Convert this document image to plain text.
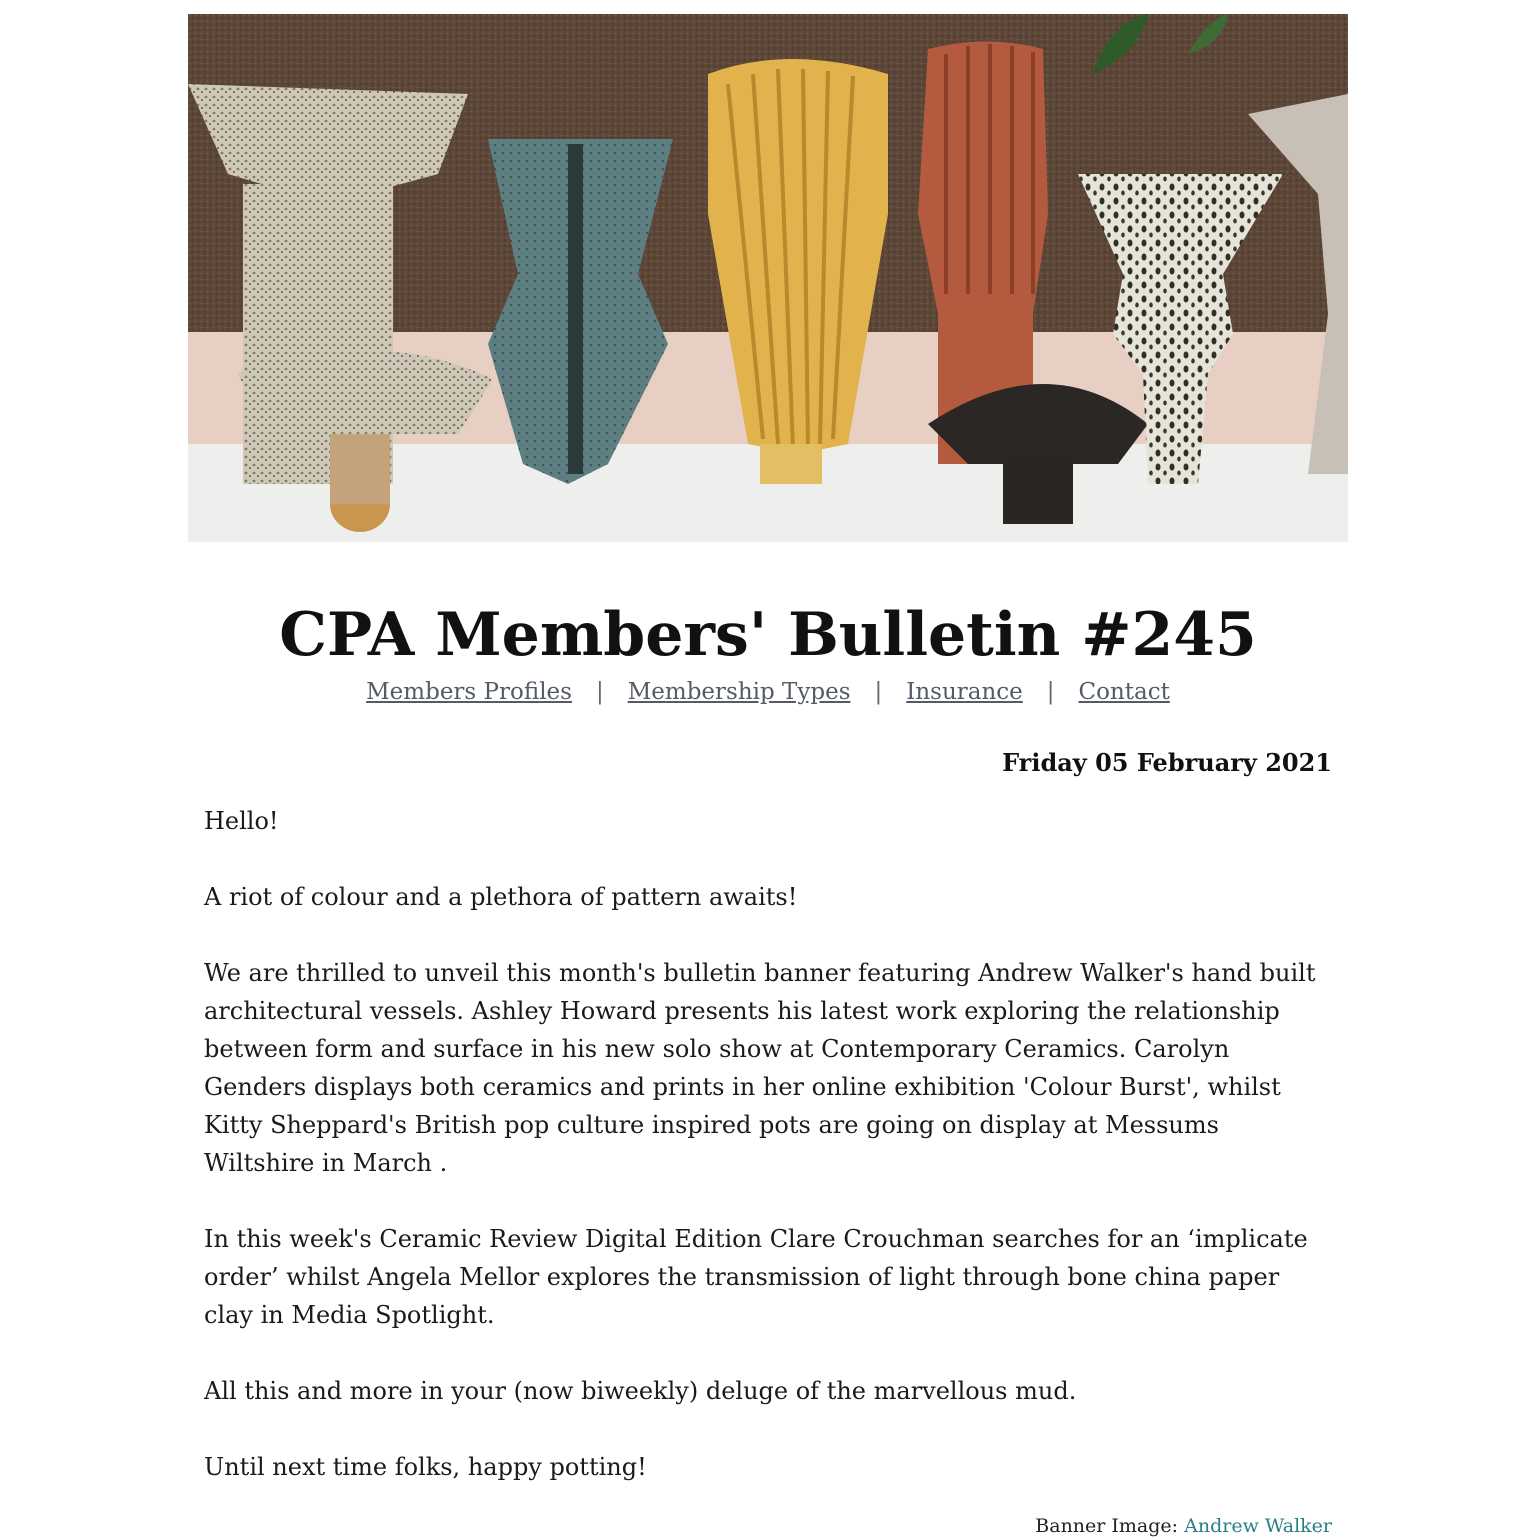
CPA Members' Bulletin #245
Members Profiles | Membership Types | Insurance | Contact
Friday 05 February 2021

Hello!

A riot of colour and a plethora of pattern awaits!

We are thrilled to unveil this month's bulletin banner featuring Andrew Walker's hand built architectural vessels. Ashley Howard presents his latest work exploring the relationship between form and surface in his new solo show at Contemporary Ceramics. Carolyn Genders displays both ceramics and prints in her online exhibition 'Colour Burst', whilst Kitty Sheppard's British pop culture inspired pots are going on display at Messums Wiltshire in March .

In this week's Ceramic Review Digital Edition Clare Crouchman searches for an ‘implicate order’ whilst Angela Mellor explores the transmission of light through bone china paper clay in Media Spotlight.

All this and more in your (now biweekly) deluge of the marvellous mud.

Until next time folks, happy potting!

Banner Image: Andrew Walker
